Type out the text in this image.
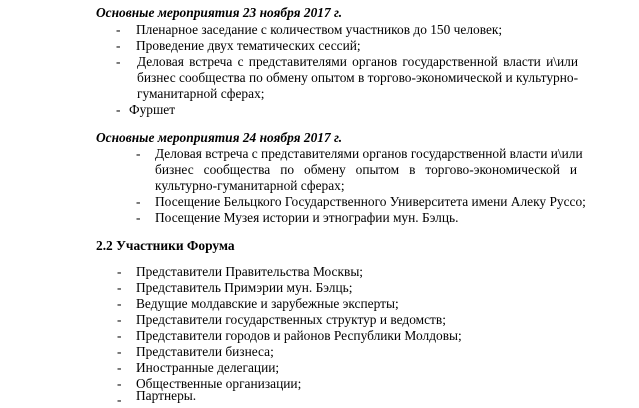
Основные мероприятия 23 ноября 2017 г.
- Пленарное заседание с количеством участников до 150 человек;
- Проведение двух тематических сессий;
- Деловая встреча с представителями органов государственной власти и\или
бизнес сообщества по обмену опытом в торгово-экономической и культурно-
гуманитарной сферах;
- Фуршет
Основные мероприятия 24 ноября 2017 г.
- Деловая встреча с представителями органов государственной власти и\или
бизнес сообщества по обмену опытом в торгово-экономической и
культурно-гуманитарной сферах;
- Посещение Бельцкого Государственного Университета имени Алеку Руссо;
- Посещение Музея истории и этнографии мун. Бэлць.
2.2 Участники Форума
- Представители Правительства Москвы;
- Представитель Примэрии мун. Бэлць;
- Ведущие молдавские и зарубежные эксперты;
- Представители государственных структур и ведомств;
- Представители городов и районов Республики Молдовы;
- Представители бизнеса;
- Иностранные делегации;
- Общественные организации;
- Партнеры.
